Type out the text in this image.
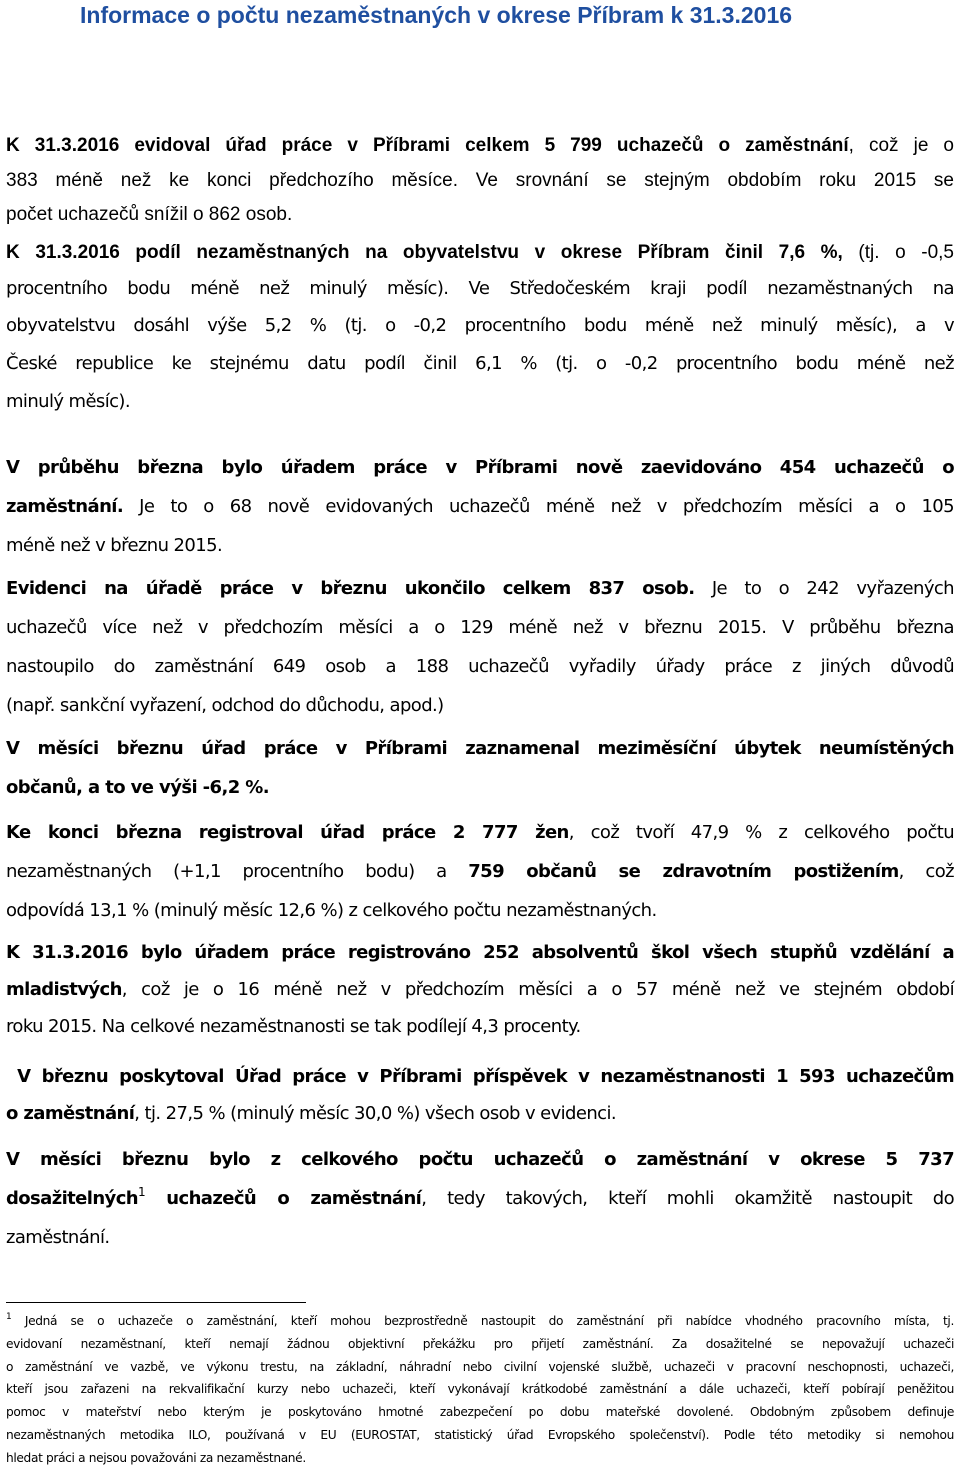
Informace o počtu nezaměstnaných v okrese Příbram k 31.3.2016
K 31.3.2016 evidoval úřad práce v Příbrami celkem 5 799 uchazečů o zaměstnání, což je o
383 méně než ke konci předchozího měsíce. Ve srovnání se stejným obdobím roku 2015 se
počet uchazečů snížil o 862 osob.
K 31.3.2016 podíl nezaměstnaných na obyvatelstvu v okrese Příbram činil 7,6 %, (tj. o -0,5
procentního bodu méně než minulý měsíc). Ve Středočeském kraji podíl nezaměstnaných na
obyvatelstvu dosáhl výše 5,2 % (tj. o -0,2 procentního bodu méně než minulý měsíc), a v
České republice ke stejnému datu podíl činil 6,1 % (tj. o -0,2 procentního bodu méně než
minulý měsíc).
V průběhu března bylo úřadem práce v Příbrami nově zaevidováno 454 uchazečů o
zaměstnání. Je to o 68 nově evidovaných uchazečů méně než v předchozím měsíci a o 105
méně než v březnu 2015.
Evidenci na úřadě práce v březnu ukončilo celkem 837 osob. Je to o 242 vyřazených
uchazečů více než v předchozím měsíci a o 129 méně než v březnu 2015. V průběhu března
nastoupilo do zaměstnání 649 osob a 188 uchazečů vyřadily úřady práce z jiných důvodů
(např. sankční vyřazení, odchod do důchodu, apod.)
V měsíci březnu úřad práce v Příbrami zaznamenal meziměsíční úbytek neumístěných
občanů, a to ve výši -6,2 %.
Ke konci března registroval úřad práce 2 777 žen, což tvoří 47,9 % z celkového počtu
nezaměstnaných (+1,1 procentního bodu) a 759 občanů se zdravotním postižením, což
odpovídá 13,1 % (minulý měsíc 12,6 %) z celkového počtu nezaměstnaných.
K 31.3.2016 bylo úřadem práce registrováno 252 absolventů škol všech stupňů vzdělání a
mladistvých, což je o 16 méně než v předchozím měsíci a o 57 méně než ve stejném období
roku 2015. Na celkové nezaměstnanosti se tak podílejí 4,3 procenty.
V březnu poskytoval Úřad práce v Příbrami příspěvek v nezaměstnanosti 1 593 uchazečům
o zaměstnání, tj. 27,5 % (minulý měsíc 30,0 %) všech osob v evidenci.
V měsíci březnu bylo z celkového počtu uchazečů o zaměstnání v okrese 5 737
dosažitelných$^1$ uchazečů o zaměstnání, tedy takových, kteří mohli okamžitě nastoupit do
zaměstnání.
$^1$ Jedná se o uchazeče o zaměstnání, kteří mohou bezprostředně nastoupit do zaměstnání při nabídce vhodného pracovního místa, tj.
evidovaní nezaměstnaní, kteří nemají žádnou objektivní překážku pro přijetí zaměstnání. Za dosažitelné se nepovažují uchazeči
o zaměstnání ve vazbě, ve výkonu trestu, na základní, náhradní nebo civilní vojenské službě, uchazeči v pracovní neschopnosti, uchazeči,
kteří jsou zařazeni na rekvalifikační kurzy nebo uchazeči, kteří vykonávají krátkodobé zaměstnání a dále uchazeči, kteří pobírají peněžitou
pomoc v mateřství nebo kterým je poskytováno hmotné zabezpečení po dobu mateřské dovolené. Obdobným způsobem definuje
nezaměstnaných metodika ILO, používaná v EU (EUROSTAT, statistický úřad Evropského společenství). Podle této metodiky si nemohou
hledat práci a nejsou považováni za nezaměstnané.
